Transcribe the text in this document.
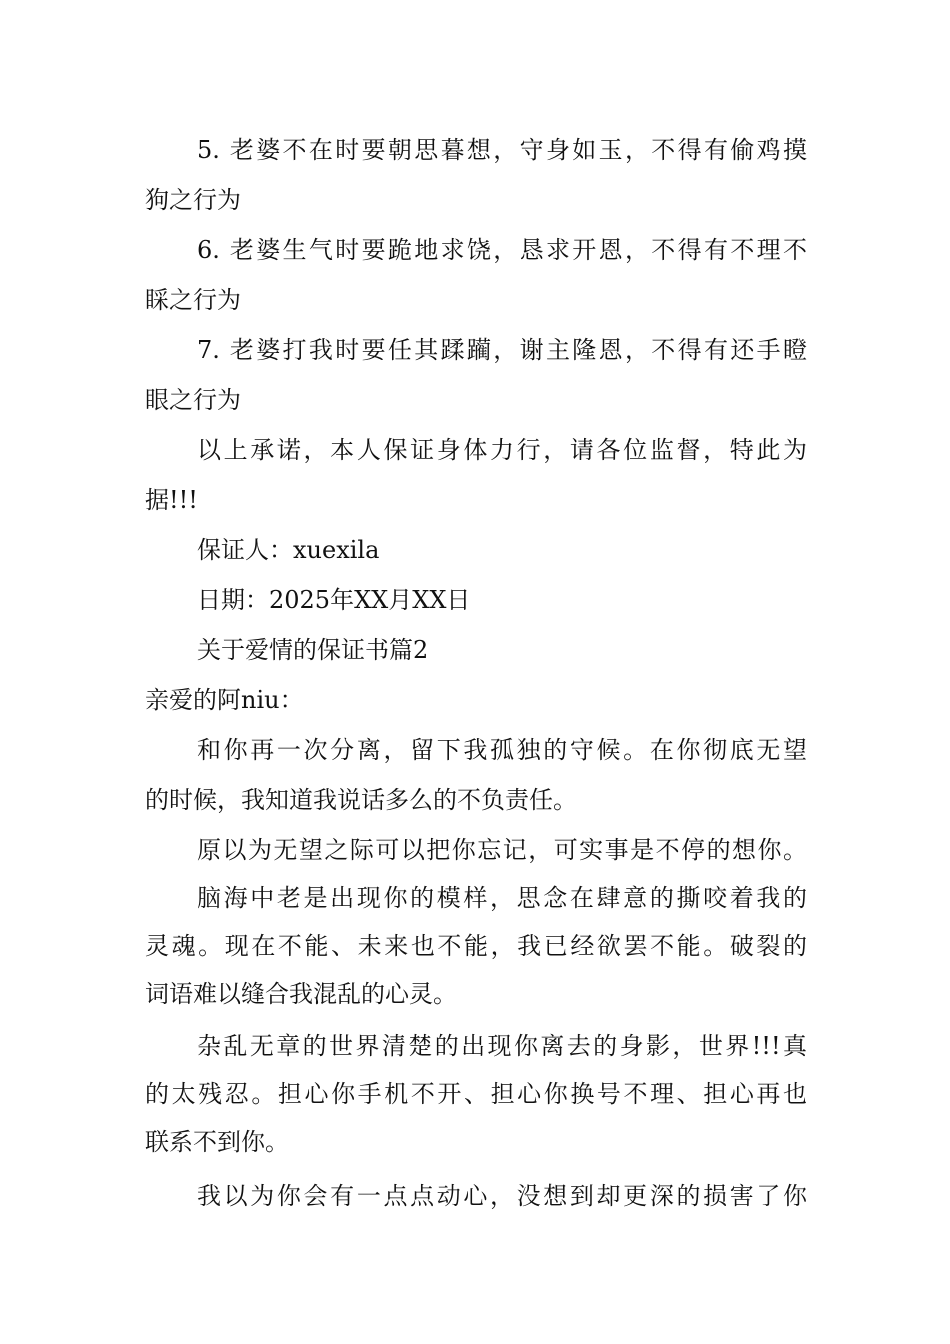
5. 老婆不在时要朝思暮想，守身如玉，不得有偷鸡摸
狗之行为
6. 老婆生气时要跪地求饶，恳求开恩，不得有不理不
睬之行为
7. 老婆打我时要任其蹂躏，谢主隆恩，不得有还手瞪
眼之行为
以上承诺，本人保证身体力行，请各位监督，特此为
据!!!
保证人：xuexila
日期：2025年XX月XX日
关于爱情的保证书篇2
亲爱的阿niu：
和你再一次分离，留下我孤独的守候。在你彻底无望
的时候，我知道我说话多么的不负责任。
原以为无望之际可以把你忘记，可实事是不停的想你。
脑海中老是出现你的模样，思念在肆意的撕咬着我的
灵魂。现在不能、未来也不能，我已经欲罢不能。破裂的
词语难以缝合我混乱的心灵。
杂乱无章的世界清楚的出现你离去的身影，世界!!!真
的太残忍。担心你手机不开、担心你换号不理、担心再也
联系不到你。
我以为你会有一点点动心，没想到却更深的损害了你
